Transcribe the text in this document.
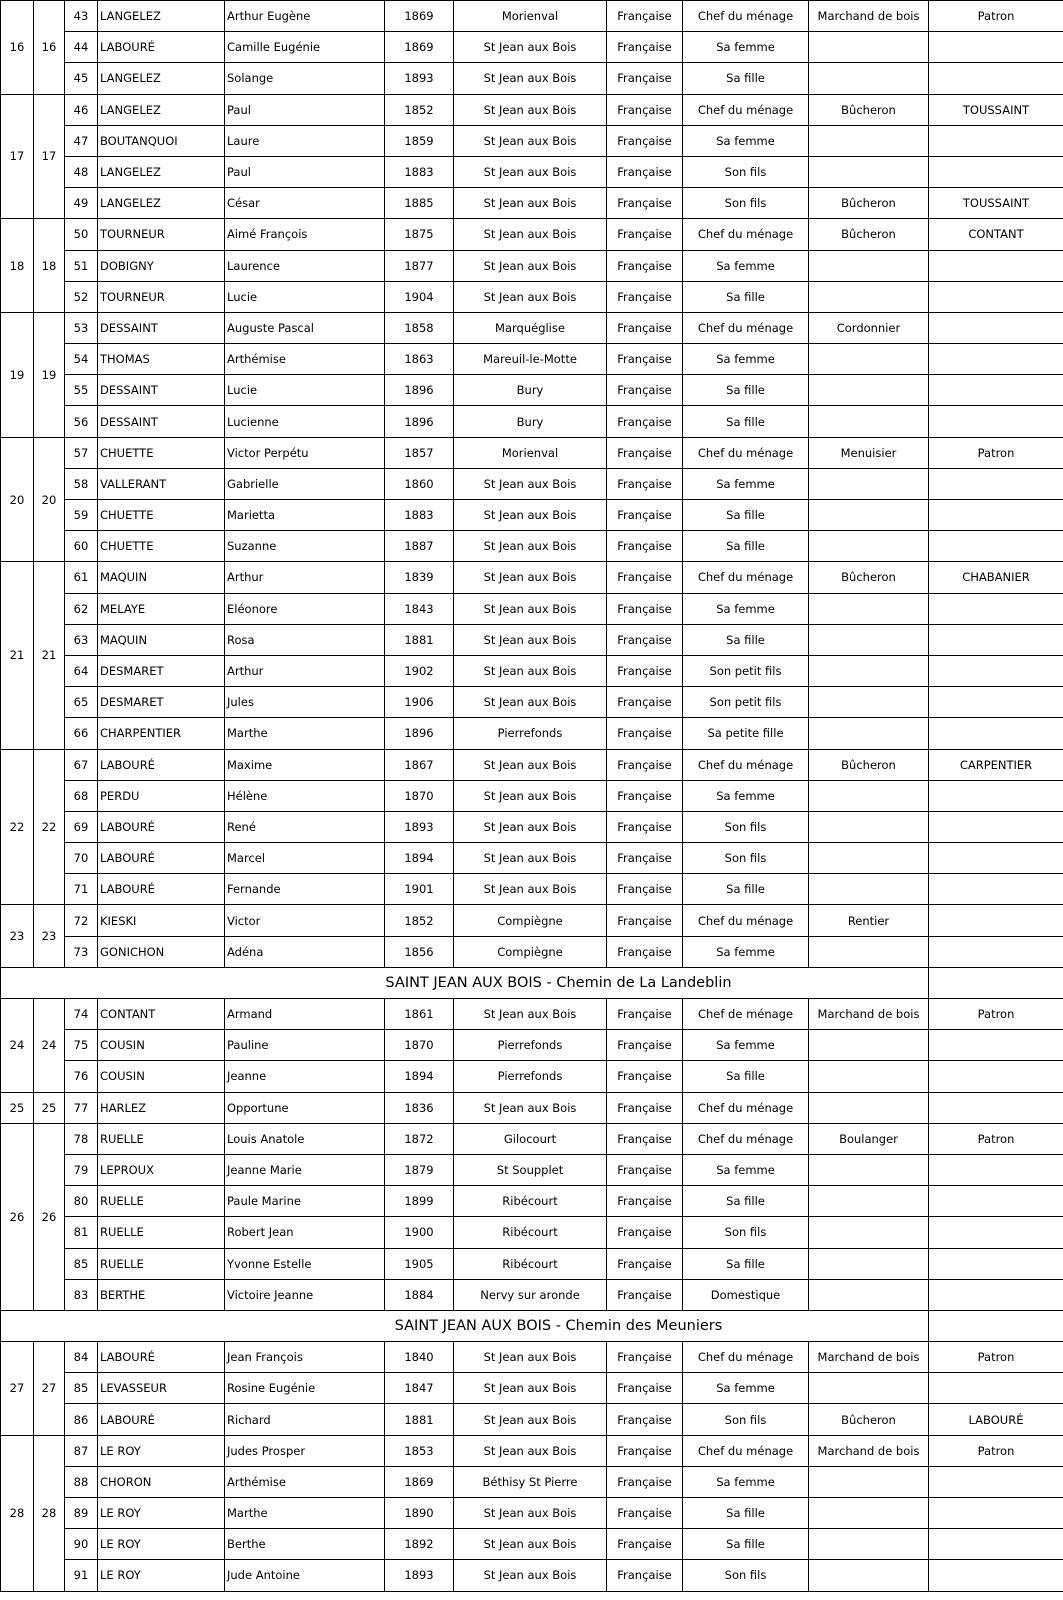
16	16	43	LANGELEZ	Arthur Eugène	1869	Morienval	Française	Chef du ménage	Marchand de bois	Patron
		44	LABOURÉ	Camille Eugénie	1869	St Jean aux Bois	Française	Sa femme		
		45	LANGELEZ	Solange	1893	St Jean aux Bois	Française	Sa fille		
17	17	46	LANGELEZ	Paul	1852	St Jean aux Bois	Française	Chef du ménage	Bûcheron	TOUSSAINT
		47	BOUTANQUOI	Laure	1859	St Jean aux Bois	Française	Sa femme		
		48	LANGELEZ	Paul	1883	St Jean aux Bois	Française	Son fils		
		49	LANGELEZ	César	1885	St Jean aux Bois	Française	Son fils	Bûcheron	TOUSSAINT
18	18	50	TOURNEUR	Aimé François	1875	St Jean aux Bois	Française	Chef du ménage	Bûcheron	CONTANT
		51	DOBIGNY	Laurence	1877	St Jean aux Bois	Française	Sa femme		
		52	TOURNEUR	Lucie	1904	St Jean aux Bois	Française	Sa fille		
19	19	53	DESSAINT	Auguste Pascal	1858	Marquéglise	Française	Chef du ménage	Cordonnier	
		54	THOMAS	Arthémise	1863	Mareuil-le-Motte	Française	Sa femme		
		55	DESSAINT	Lucie	1896	Bury	Française	Sa fille		
		56	DESSAINT	Lucienne	1896	Bury	Française	Sa fille		
20	20	57	CHUETTE	Victor Perpétu	1857	Morienval	Française	Chef du ménage	Menuisier	Patron
		58	VALLERANT	Gabrielle	1860	St Jean aux Bois	Française	Sa femme		
		59	CHUETTE	Marietta	1883	St Jean aux Bois	Française	Sa fille		
		60	CHUETTE	Suzanne	1887	St Jean aux Bois	Française	Sa fille		
21	21	61	MAQUIN	Arthur	1839	St Jean aux Bois	Française	Chef du ménage	Bûcheron	CHABANIER
		62	MELAYE	Eléonore	1843	St Jean aux Bois	Française	Sa femme		
		63	MAQUIN	Rosa	1881	St Jean aux Bois	Française	Sa fille		
		64	DESMARET	Arthur	1902	St Jean aux Bois	Française	Son petit fils		
		65	DESMARET	Jules	1906	St Jean aux Bois	Française	Son petit fils		
		66	CHARPENTIER	Marthe	1896	Pierrefonds	Française	Sa petite fille		
22	22	67	LABOURÉ	Maxime	1867	St Jean aux Bois	Française	Chef du ménage	Bûcheron	CARPENTIER
		68	PERDU	Hélène	1870	St Jean aux Bois	Française	Sa femme		
		69	LABOURÉ	René	1893	St Jean aux Bois	Française	Son fils		
		70	LABOURÉ	Marcel	1894	St Jean aux Bois	Française	Son fils		
		71	LABOURÉ	Fernande	1901	St Jean aux Bois	Française	Sa fille		
23	23	72	KIESKI	Victor	1852	Compiègne	Française	Chef du ménage	Rentier	
		73	GONICHON	Adéna	1856	Compiègne	Française	Sa femme		
SAINT JEAN AUX BOIS - Chemin de La Landeblin										
24	24	74	CONTANT	Armand	1861	St Jean aux Bois	Française	Chef de ménage	Marchand de bois	Patron
		75	COUSIN	Pauline	1870	Pierrefonds	Française	Sa femme		
		76	COUSIN	Jeanne	1894	Pierrefonds	Française	Sa fille		
25	25	77	HARLEZ	Opportune	1836	St Jean aux Bois	Française	Chef du ménage		
26	26	78	RUELLE	Louis Anatole	1872	Gilocourt	Française	Chef du ménage	Boulanger	Patron
		79	LEPROUX	Jeanne Marie	1879	St Soupplet	Française	Sa femme		
		80	RUELLE	Paule Marine	1899	Ribécourt	Française	Sa fille		
		81	RUELLE	Robert Jean	1900	Ribécourt	Française	Son fils		
		85	RUELLE	Yvonne Estelle	1905	Ribécourt	Française	Sa fille		
		83	BERTHE	Victoire Jeanne	1884	Nervy sur aronde	Française	Domestique		
SAINT JEAN AUX BOIS - Chemin des Meuniers										
27	27	84	LABOURÉ	Jean François	1840	St Jean aux Bois	Française	Chef du ménage	Marchand de bois	Patron
		85	LEVASSEUR	Rosine Eugénie	1847	St Jean aux Bois	Française	Sa femme		
		86	LABOURÉ	Richard	1881	St Jean aux Bois	Française	Son fils	Bûcheron	LABOURÉ
28	28	87	LE ROY	Judes Prosper	1853	St Jean aux Bois	Française	Chef du ménage	Marchand de bois	Patron
		88	CHORON	Arthémise	1869	Béthisy St Pierre	Française	Sa femme		
		89	LE ROY	Marthe	1890	St Jean aux Bois	Française	Sa fille		
		90	LE ROY	Berthe	1892	St Jean aux Bois	Française	Sa fille		
		91	LE ROY	Jude Antoine	1893	St Jean aux Bois	Française	Son fils		
